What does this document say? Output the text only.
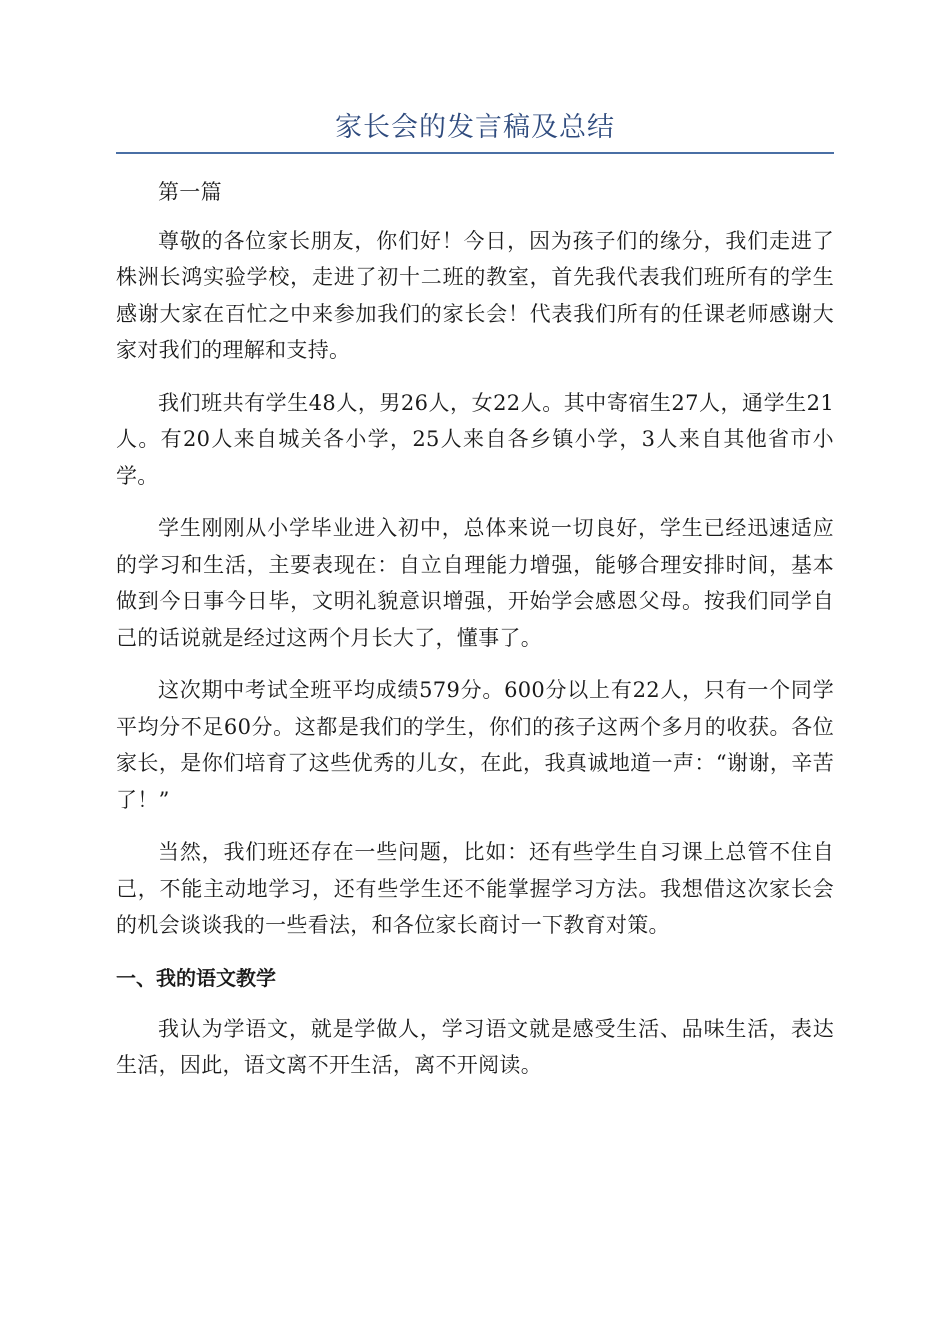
家长会的发言稿及总结

第一篇

尊敬的各位家长朋友，你们好！今日，因为孩子们的缘分，我们走进了株洲长鸿实验学校，走进了初十二班的教室，首先我代表我们班所有的学生感谢大家在百忙之中来参加我们的家长会！代表我们所有的任课老师感谢大家对我们的理解和支持。

我们班共有学生48人，男26人，女22人。其中寄宿生27人，通学生21人。有20人来自城关各小学，25人来自各乡镇小学，3人来自其他省市小学。

学生刚刚从小学毕业进入初中，总体来说一切良好，学生已经迅速适应的学习和生活，主要表现在：自立自理能力增强，能够合理安排时间，基本做到今日事今日毕，文明礼貌意识增强，开始学会感恩父母。按我们同学自己的话说就是经过这两个月长大了，懂事了。

这次期中考试全班平均成绩579分。600分以上有22人，只有一个同学平均分不足60分。这都是我们的学生，你们的孩子这两个多月的收获。各位家长，是你们培育了这些优秀的儿女，在此，我真诚地道一声：“谢谢，辛苦了！”

当然，我们班还存在一些问题，比如：还有些学生自习课上总管不住自己，不能主动地学习，还有些学生还不能掌握学习方法。我想借这次家长会的机会谈谈我的一些看法，和各位家长商讨一下教育对策。

一、我的语文教学

我认为学语文，就是学做人，学习语文就是感受生活、品味生活，表达生活，因此，语文离不开生活，离不开阅读。
